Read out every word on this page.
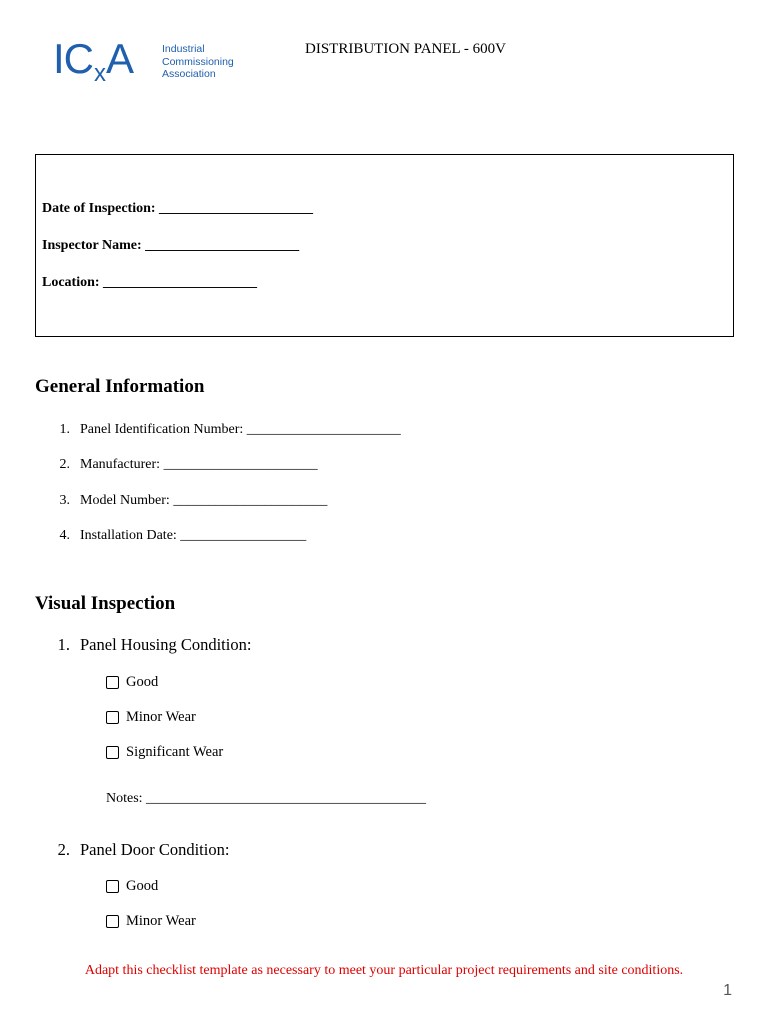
ICxA	Industrial
Commissioning
Association
DISTRIBUTION PANEL - 600V
Date of Inspection: ______________________
Inspector Name: ______________________
Location: ______________________
General Information
1. Panel Identification Number: ______________________
2. Manufacturer: ______________________
3. Model Number: ______________________
4. Installation Date: __________________
Visual Inspection
1. Panel Housing Condition:
Good
Minor Wear
Significant Wear
Notes: ________________________________________
2. Panel Door Condition:
Good
Minor Wear
Adapt this checklist template as necessary to meet your particular project requirements and site conditions.
1
